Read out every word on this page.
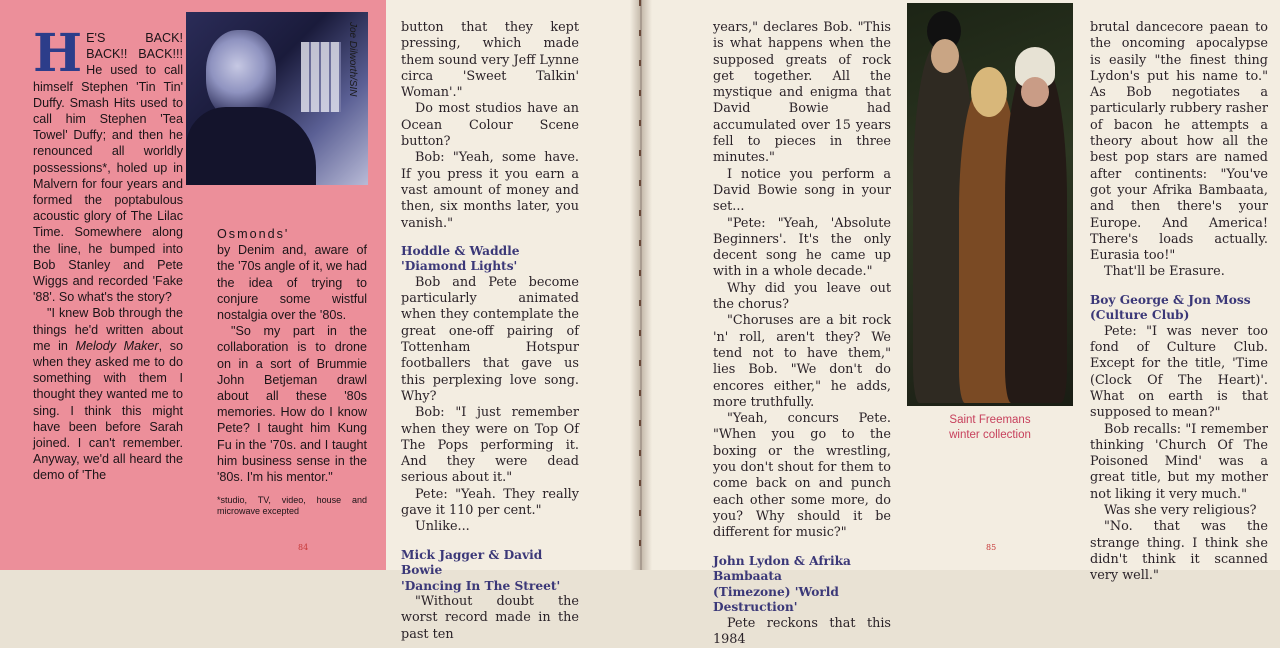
Joe Dilworth/SIN

H E'S BACK! BACK!! BACK!!! He used to call himself Stephen 'Tin Tin' Duffy. Smash Hits used to call him Stephen 'Tea Towel' Duffy; and then he renounced all worldly possessions*, holed up in Malvern for four years and formed the poptabulous acoustic glory of The Lilac Time. Somewhere along the line, he bumped into Bob Stanley and Pete Wiggs and recorded 'Fake '88'. So what's the story?

"I knew Bob through the things he'd written about me in Melody Maker, so when they asked me to do something with them I thought they wanted me to sing. I think this might have been before Sarah joined. I can't remember. Anyway, we'd all heard the demo of 'The

Osmonds'

by Denim and, aware of the '70s angle of it, we had the idea of trying to conjure some wistful nostalgia over the '80s.

"So my part in the collaboration is to drone on in a sort of Brummie John Betjeman drawl about all these '80s memories. How do I know Pete? I taught him Kung Fu in the '70s. and I taught him business sense in the '80s. I'm his mentor."

*studio, TV, video, house and microwave excepted

84

button that they kept pressing, which made them sound very Jeff Lynne circa 'Sweet Talkin' Woman'."

Do most studios have an Ocean Colour Scene button?

Bob: "Yeah, some have. If you press it you earn a vast amount of money and then, six months later, you vanish."

Hoddle & Waddle
'Diamond Lights'

Bob and Pete become particularly animated when they contemplate the great one-off pairing of Tottenham Hotspur footballers that gave us this perplexing love song. Why?

Bob: "I just remember when they were on Top Of The Pops performing it. And they were dead serious about it."

Pete: "Yeah. They really gave it 110 per cent."

Unlike...

Mick Jagger & David Bowie
'Dancing In The Street'

"Without doubt the worst record made in the past ten

years," declares Bob. "This is what happens when the supposed greats of rock get together. All the mystique and enigma that David Bowie had accumulated over 15 years fell to pieces in three minutes."

I notice you perform a David Bowie song in your set...

"Pete: "Yeah, 'Absolute Beginners'. It's the only decent song he came up with in a whole decade."

Why did you leave out the chorus?

"Choruses are a bit rock 'n' roll, aren't they? We tend not to have them," lies Bob. "We don't do encores either," he adds, more truthfully.

"Yeah, concurs Pete. "When you go to the boxing or the wrestling, you don't shout for them to come back on and punch each other some more, do you? Why should it be different for music?"

John Lydon & Afrika Bambaata
(Timezone) 'World Destruction'

Pete reckons that this 1984

Saint Freemans
winter collection
85

brutal dancecore paean to the oncoming apocalypse is easily "the finest thing Lydon's put his name to." As Bob negotiates a particularly rubbery rasher of bacon he attempts a theory about how all the best pop stars are named after continents: "You've got your Afrika Bambaata, and then there's your Europe. And America! There's loads actually. Eurasia too!"

That'll be Erasure.

Boy George & Jon Moss
(Culture Club)

Pete: "I was never too fond of Culture Club. Except for the title, 'Time (Clock Of The Heart)'. What on earth is that supposed to mean?"

Bob recalls: "I remember thinking 'Church Of The Poisoned Mind' was a great title, but my mother not liking it very much."

Was she very religious?

"No. that was the strange thing. I think she didn't think it scanned very well."
